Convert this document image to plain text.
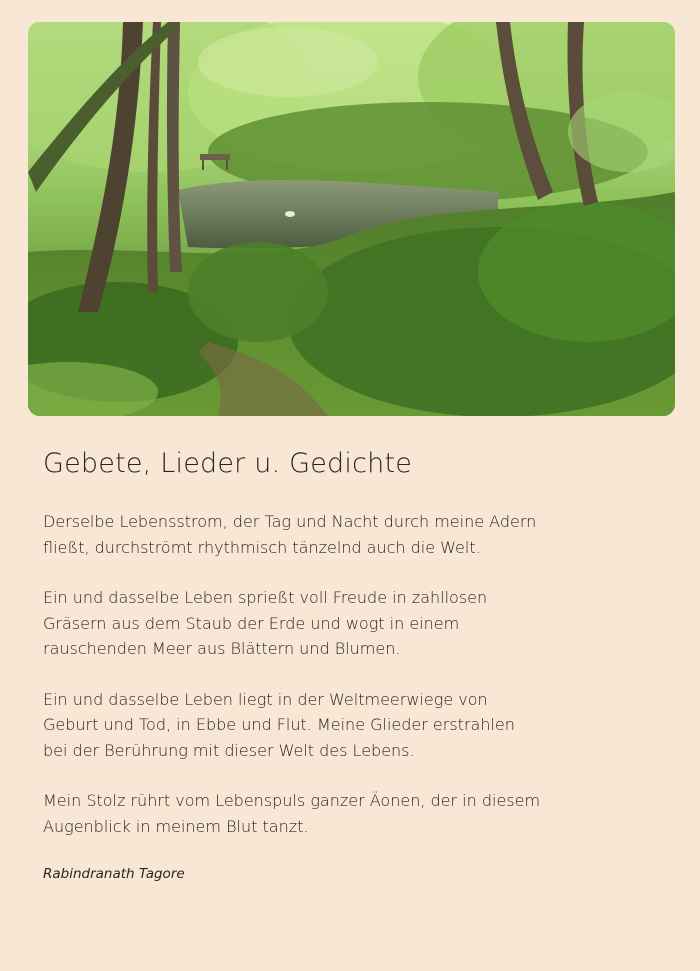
Gebete, Lieder u. Gedichte

Derselbe Lebensstrom, der Tag und Nacht durch meine Adern
fließt, durchströmt rhythmisch tänzelnd auch die Welt.

Ein und dasselbe Leben sprießt voll Freude in zahllosen
Gräsern aus dem Staub der Erde und wogt in einem
rauschenden Meer aus Blättern und Blumen.

Ein und dasselbe Leben liegt in der Weltmeerwiege von
Geburt und Tod, in Ebbe und Flut. Meine Glieder erstrahlen
bei der Berührung mit dieser Welt des Lebens.

Mein Stolz rührt vom Lebenspuls ganzer Äonen, der in diesem
Augenblick in meinem Blut tanzt.

Rabindranath Tagore
